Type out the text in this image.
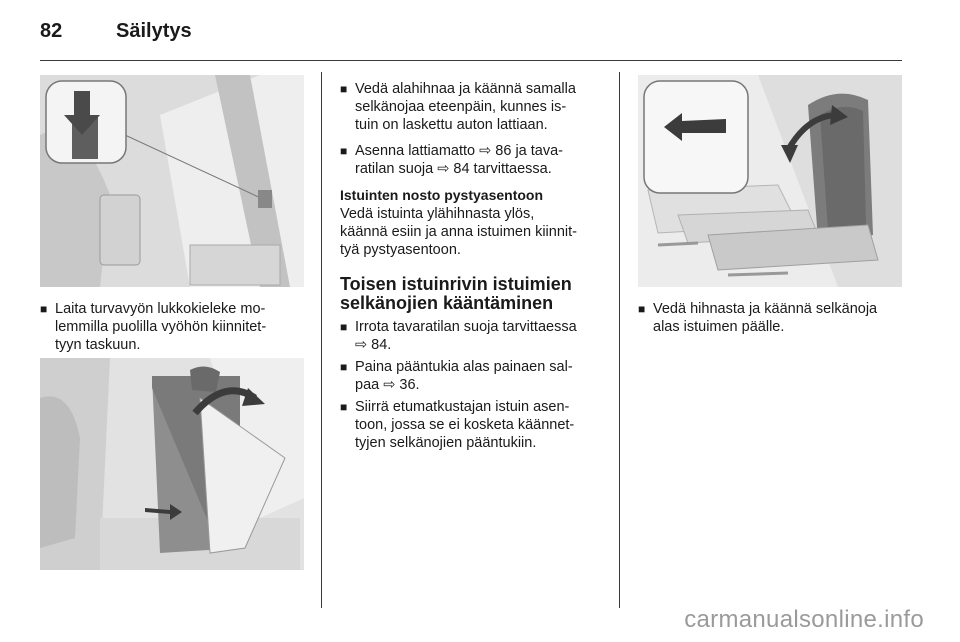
82	Säilytys
■ Laita turvavyön lukkokieleke mo-
lemmilla puolilla vyöhön kiinnitet-
tyyn taskuun.
■ Vedä alahihnaa ja käännä samalla
selkänojaa eteenpäin, kunnes is-
tuin on laskettu auton lattiaan.
■ Asenna lattiamatto ⇨ 86 ja tava-
ratilan suoja ⇨ 84 tarvittaessa.
Istuinten nosto pystyasentoon
Vedä istuinta ylähihnasta ylös,
käännä esiin ja anna istuimen kiinnit-
tyä pystyasentoon.
Toisen istuinrivin istuimien
selkänojien kääntäminen
■ Irrota tavaratilan suoja tarvittaessa
⇨ 84.
■ Paina pääntukia alas painaen sal-
paa ⇨ 36.
■ Siirrä etumatkustajan istuin asen-
toon, jossa se ei kosketa käännet-
tyjen selkänojien pääntukiin.
■ Vedä hihnasta ja käännä selkänoja
alas istuimen päälle.
carmanualsonline.info
